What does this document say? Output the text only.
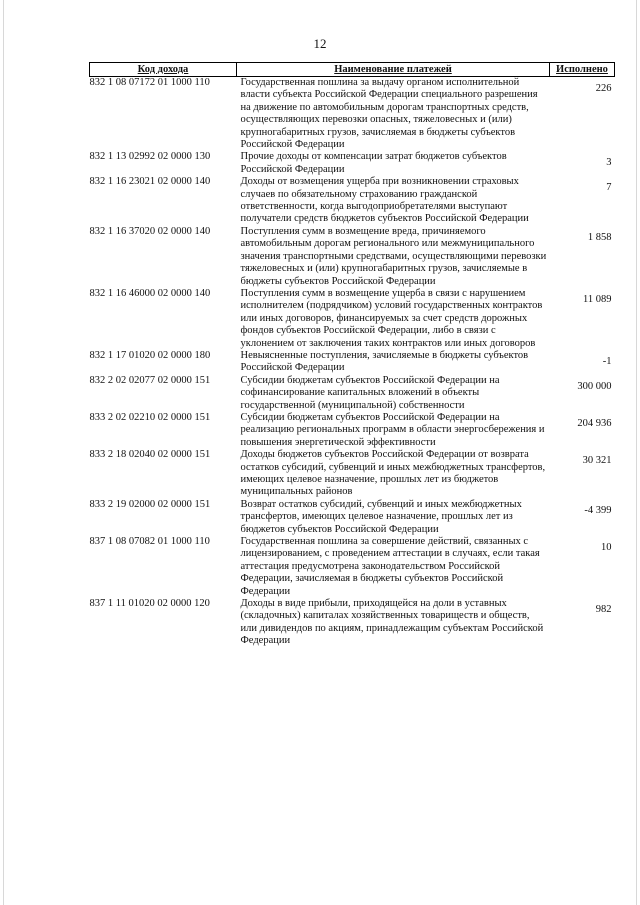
12
Код дохода	Наименование платежей	Исполнено
832 1 08 07172 01 1000 110	Государственная пошлина за выдачу органом исполнительной власти субъекта Российской Федерации специального разрешения на движение по автомобильным дорогам транспортных средств, осуществляющих перевозки опасных, тяжеловесных и (или) крупногабаритных грузов, зачисляемая в бюджеты субъектов Российской Федерации	226
832 1 13 02992 02 0000 130	Прочие доходы от компенсации затрат бюджетов субъектов Российской Федерации	3
832 1 16 23021 02 0000 140	Доходы от возмещения ущерба при возникновении страховых случаев по обязательному страхованию гражданской ответственности, когда выгодоприобретателями выступают получатели средств бюджетов субъектов Российской Федерации	7
832 1 16 37020 02 0000 140	Поступления сумм в возмещение вреда, причиняемого автомобильным дорогам регионального или межмуниципального значения транспортными средствами, осуществляющими перевозки тяжеловесных и (или) крупногабаритных грузов, зачисляемые в бюджеты субъектов Российской Федерации	1 858
832 1 16 46000 02 0000 140	Поступления сумм в возмещение ущерба в связи с нарушением исполнителем (подрядчиком) условий государственных контрактов или иных договоров, финансируемых за счет средств дорожных фондов субъектов Российской Федерации, либо в связи с уклонением от заключения таких контрактов или иных договоров	11 089
832 1 17 01020 02 0000 180	Невыясненные поступления, зачисляемые в бюджеты субъектов Российской Федерации	-1
832 2 02 02077 02 0000 151	Субсидии бюджетам субъектов Российской Федерации на софинансирование капитальных вложений в объекты государственной (муниципальной) собственности	300 000
833 2 02 02210 02 0000 151	Субсидии бюджетам субъектов Российской Федерации на реализацию региональных программ в области энергосбережения и повышения энергетической эффективности	204 936
833 2 18 02040 02 0000 151	Доходы бюджетов субъектов Российской Федерации от возврата остатков субсидий, субвенций и иных межбюджетных трансфертов, имеющих целевое назначение, прошлых лет из бюджетов муниципальных районов	30 321
833 2 19 02000 02 0000 151	Возврат остатков субсидий, субвенций и иных межбюджетных трансфертов, имеющих целевое назначение, прошлых лет из бюджетов субъектов Российской Федерации	-4 399
837 1 08 07082 01 1000 110	Государственная пошлина за совершение действий, связанных с лицензированием, с проведением аттестации в случаях, если такая аттестация предусмотрена законодательством Российской Федерации, зачисляемая в бюджеты субъектов Российской Федерации	10
837 1 11 01020 02 0000 120	Доходы в виде прибыли, приходящейся на доли в уставных (складочных) капиталах хозяйственных товариществ и обществ, или дивидендов по акциям, принадлежащим субъектам Российской Федерации	982
